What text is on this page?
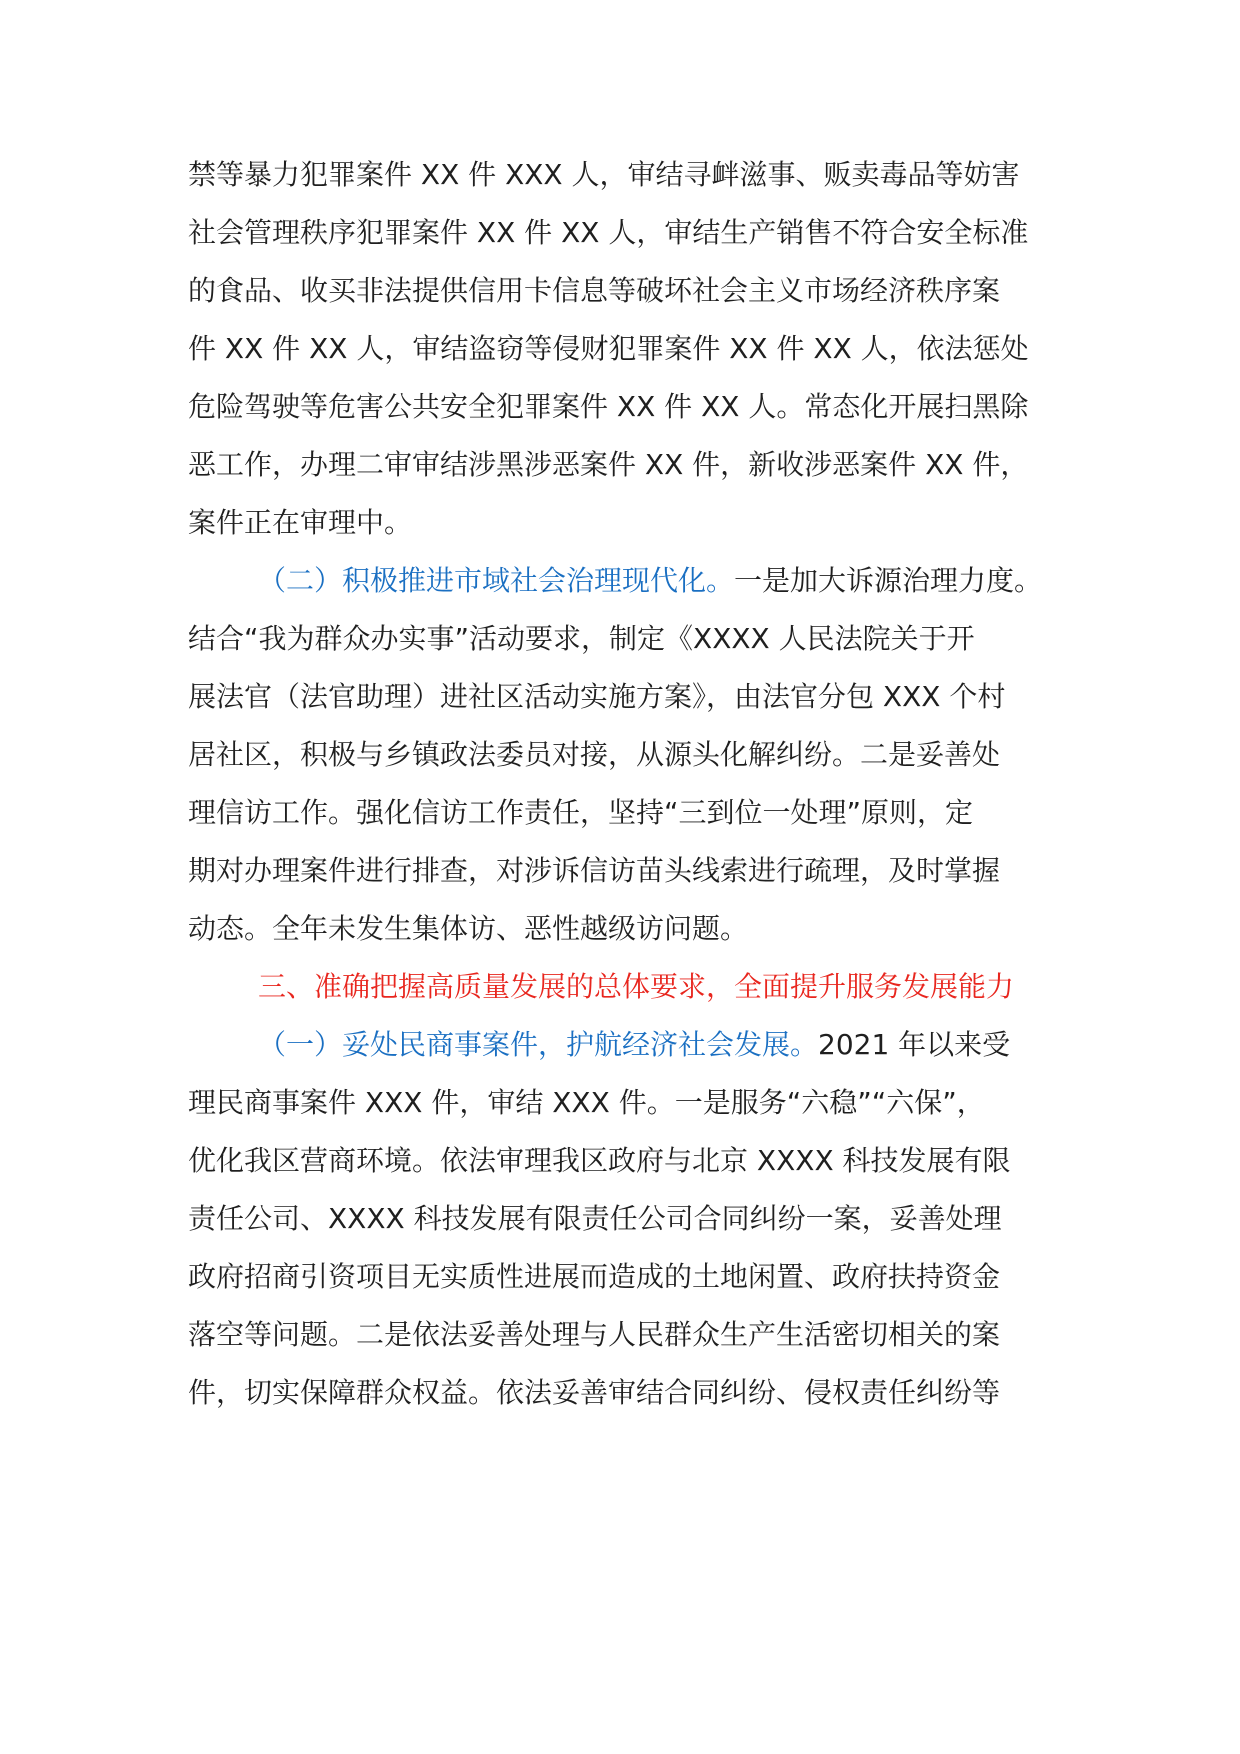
禁等暴力犯罪案件 XX 件 XXX 人，审结寻衅滋事、贩卖毒品等妨害
社会管理秩序犯罪案件 XX 件 XX 人，审结生产销售不符合安全标准
的食品、收买非法提供信用卡信息等破坏社会主义市场经济秩序案
件 XX 件 XX 人，审结盗窃等侵财犯罪案件 XX 件 XX 人，依法惩处
危险驾驶等危害公共安全犯罪案件 XX 件 XX 人。常态化开展扫黑除
恶工作，办理二审审结涉黑涉恶案件 XX 件，新收涉恶案件 XX 件，
案件正在审理中。
（二）积极推进市域社会治理现代化。一是加大诉源治理力度。
结合“我为群众办实事”活动要求，制定《XXXX 人民法院关于开
展法官（法官助理）进社区活动实施方案》，由法官分包 XXX 个村
居社区，积极与乡镇政法委员对接，从源头化解纠纷。二是妥善处
理信访工作。强化信访工作责任，坚持“三到位一处理”原则，定
期对办理案件进行排查，对涉诉信访苗头线索进行疏理，及时掌握
动态。全年未发生集体访、恶性越级访问题。
三、准确把握高质量发展的总体要求，全面提升服务发展能力
（一）妥处民商事案件，护航经济社会发展。2021 年以来受
理民商事案件 XXX 件，审结 XXX 件。一是服务“六稳”“六保”，
优化我区营商环境。依法审理我区政府与北京 XXXX 科技发展有限
责任公司、XXXX 科技发展有限责任公司合同纠纷一案，妥善处理
政府招商引资项目无实质性进展而造成的土地闲置、政府扶持资金
落空等问题。二是依法妥善处理与人民群众生产生活密切相关的案
件，切实保障群众权益。依法妥善审结合同纠纷、侵权责任纠纷等
